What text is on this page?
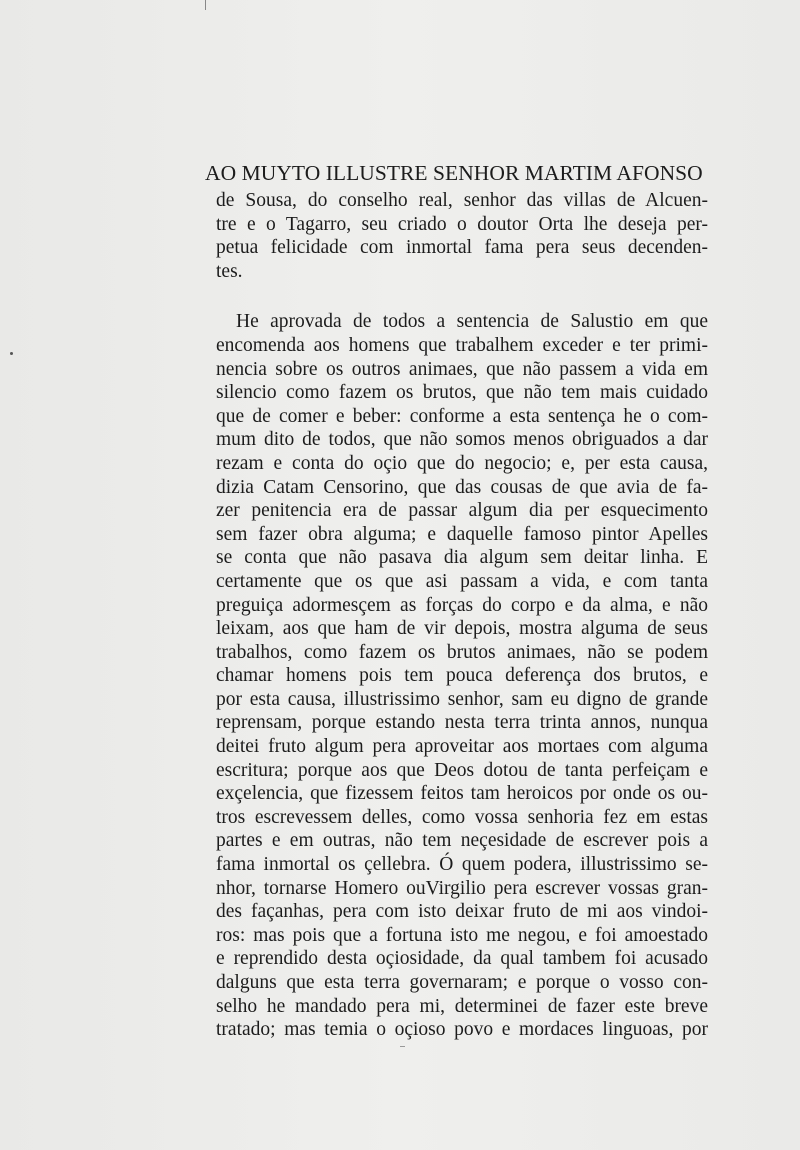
AO MUYTO ILLUSTRE SENHOR MARTIM AFONSO
de Sousa, do conselho real, senhor das villas de Alcuen-
tre e o Tagarro, seu criado o doutor Orta lhe deseja per-
petua felicidade com inmortal fama pera seus decenden-
tes.
He aprovada de todos a sentencia de Salustio em que
encomenda aos homens que trabalhem exceder e ter primi-
nencia sobre os outros animaes, que não passem a vida em
silencio como fazem os brutos, que não tem mais cuidado
que de comer e beber: conforme a esta sentença he o com-
mum dito de todos, que não somos menos obriguados a dar
rezam e conta do oçio que do negocio; e, per esta causa,
dizia Catam Censorino, que das cousas de que avia de fa-
zer penitencia era de passar algum dia per esquecimento
sem fazer obra alguma; e daquelle famoso pintor Apelles
se conta que não pasava dia algum sem deitar linha. E
certamente que os que asi passam a vida, e com tanta
preguiça adormesçem as forças do corpo e da alma, e não
leixam, aos que ham de vir depois, mostra alguma de seus
trabalhos, como fazem os brutos animaes, não se podem
chamar homens pois tem pouca deferença dos brutos, e
por esta causa, illustrissimo senhor, sam eu digno de grande
reprensam, porque estando nesta terra trinta annos, nunqua
deitei fruto algum pera aproveitar aos mortaes com alguma
escritura; porque aos que Deos dotou de tanta perfeiçam e
exçelencia, que fizessem feitos tam heroicos por onde os ou-
tros escrevessem delles, como vossa senhoria fez em estas
partes e em outras, não tem neçesidade de escrever pois a
fama inmortal os çellebra. Ó quem podera, illustrissimo se-
nhor, tornarse Homero ouVirgilio pera escrever vossas gran-
des façanhas, pera com isto deixar fruto de mi aos vindoi-
ros: mas pois que a fortuna isto me negou, e foi amoestado
e reprendido desta oçiosidade, da qual tambem foi acusado
dalguns que esta terra governaram; e porque o vosso con-
selho he mandado pera mi, determinei de fazer este breve
tratado; mas temia o oçioso povo e mordaces linguoas, por
